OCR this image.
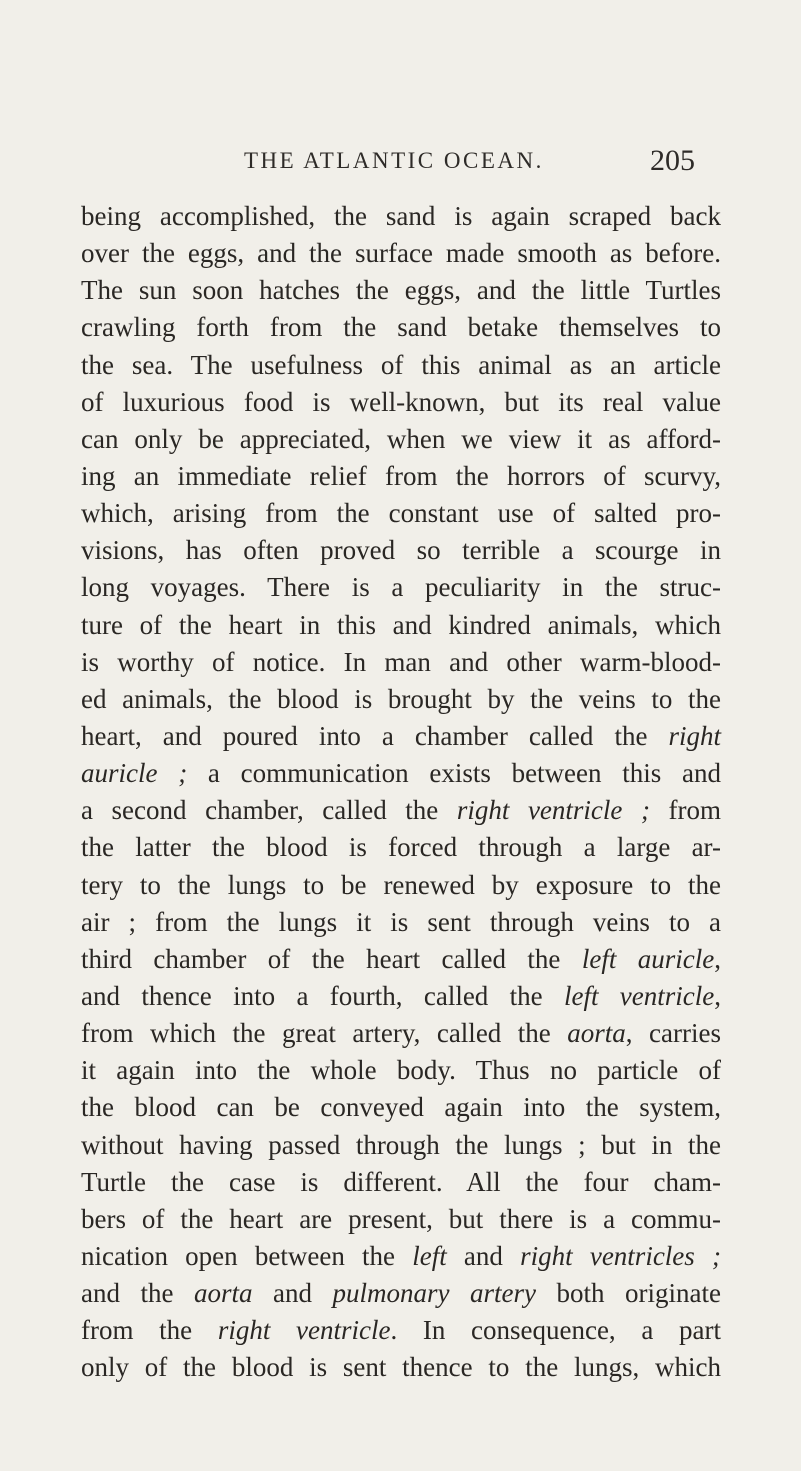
THE ATLANTIC OCEAN.	205
being accomplished, the sand is again scraped back
over the eggs, and the surface made smooth as before.
The sun soon hatches the eggs, and the little Turtles
crawling forth from the sand betake themselves to
the sea. The usefulness of this animal as an article
of luxurious food is well-known, but its real value
can only be appreciated, when we view it as afford-
ing an immediate relief from the horrors of scurvy,
which, arising from the constant use of salted pro-
visions, has often proved so terrible a scourge in
long voyages. There is a peculiarity in the struc-
ture of the heart in this and kindred animals, which
is worthy of notice. In man and other warm-blood-
ed animals, the blood is brought by the veins to the
heart, and poured into a chamber called the right
auricle ; a communication exists between this and
a second chamber, called the right ventricle ; from
the latter the blood is forced through a large ar-
tery to the lungs to be renewed by exposure to the
air ; from the lungs it is sent through veins to a
third chamber of the heart called the left auricle,
and thence into a fourth, called the left ventricle,
from which the great artery, called the aorta, carries
it again into the whole body. Thus no particle of
the blood can be conveyed again into the system,
without having passed through the lungs ; but in the
Turtle the case is different. All the four cham-
bers of the heart are present, but there is a commu-
nication open between the left and right ventricles ;
and the aorta and pulmonary artery both originate
from the right ventricle. In consequence, a part
only of the blood is sent thence to the lungs, which
